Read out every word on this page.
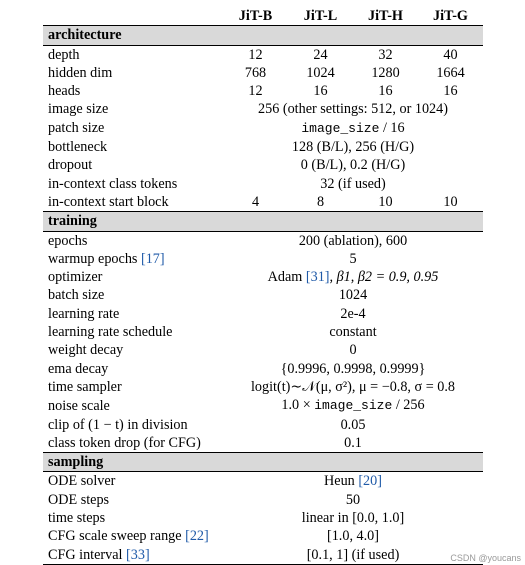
	JiT-B	JiT-L	JiT-H	JiT-G
architecture				
depth	12	24	32	40
hidden dim	768	1024	1280	1664
heads	12	16	16	16
image size	256 (other settings: 512, or 1024)			
patch size	image_size / 16			
bottleneck	128 (B/L), 256 (H/G)			
dropout	0 (B/L), 0.2 (H/G)			
in-context class tokens	32 (if used)			
in-context start block	4	8	10	10
training				
epochs	200 (ablation), 600			
warmup epochs [17]	5			
optimizer	Adam [31], β1, β2 = 0.9, 0.95			
batch size	1024			
learning rate	2e-4			
learning rate schedule	constant			
weight decay	0			
ema decay	{0.9996, 0.9998, 0.9999}			
time sampler	logit(t)∼𝒩(μ, σ²), μ = −0.8, σ = 0.8			
noise scale	1.0 × image_size / 256			
clip of (1 − t) in division	0.05			
class token drop (for CFG)	0.1			
sampling				
ODE solver	Heun [20]			
ODE steps	50			
time steps	linear in [0.0, 1.0]			
CFG scale sweep range [22]	[1.0, 4.0]			
CFG interval [33]	[0.1, 1] (if used)				CSDN @youcans
